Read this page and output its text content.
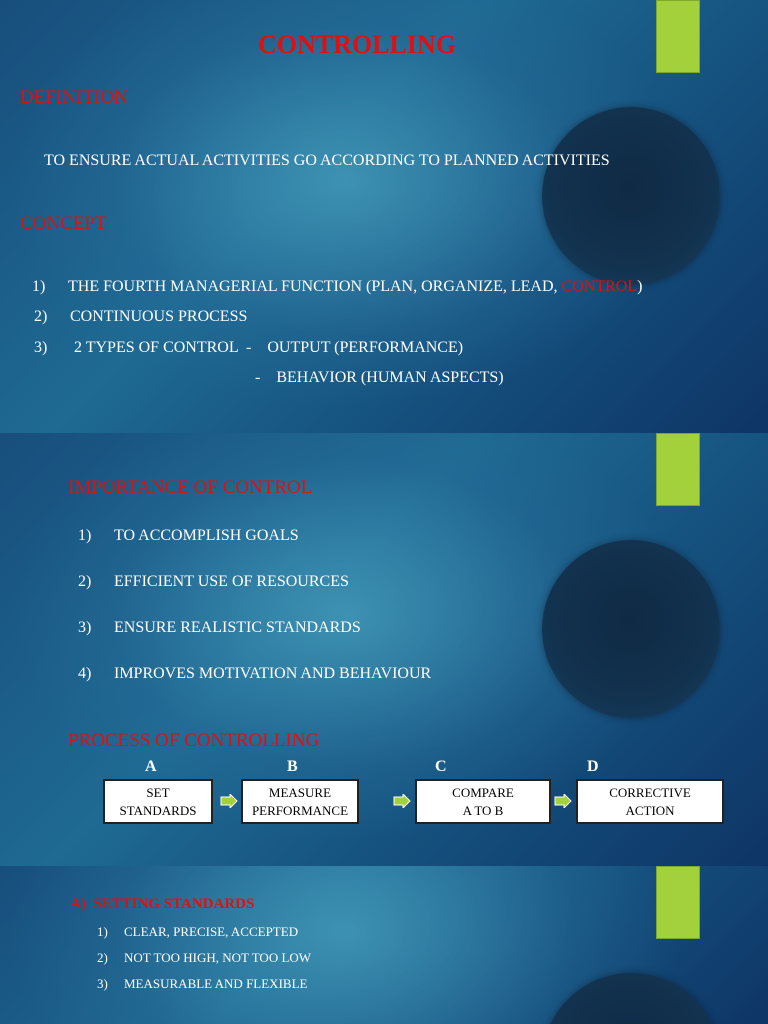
CONTROLLING
DEFINITION
TO ENSURE ACTUAL ACTIVITIES GO ACCORDING TO PLANNED ACTIVITIES
CONCEPT
1) THE FOURTH MANAGERIAL FUNCTION (PLAN, ORGANIZE, LEAD, CONTROL)
2) CONTINUOUS PROCESS
3) 2 TYPES OF CONTROL  -    OUTPUT (PERFORMANCE)
-    BEHAVIOR (HUMAN ASPECTS)
IMPORTANCE OF CONTROL
1) TO ACCOMPLISH GOALS
2) EFFICIENT USE OF RESOURCES
3) ENSURE REALISTIC STANDARDS
4) IMPROVES MOTIVATION AND BEHAVIOUR
PROCESS OF CONTROLLING
A	B	C	D
SET
STANDARDS
MEASURE
PERFORMANCE
COMPARE
A TO B
CORRECTIVE
ACTION
A)  SETTING STANDARDS
1) CLEAR, PRECISE, ACCEPTED
2) NOT TOO HIGH, NOT TOO LOW
3) MEASURABLE AND FLEXIBLE
